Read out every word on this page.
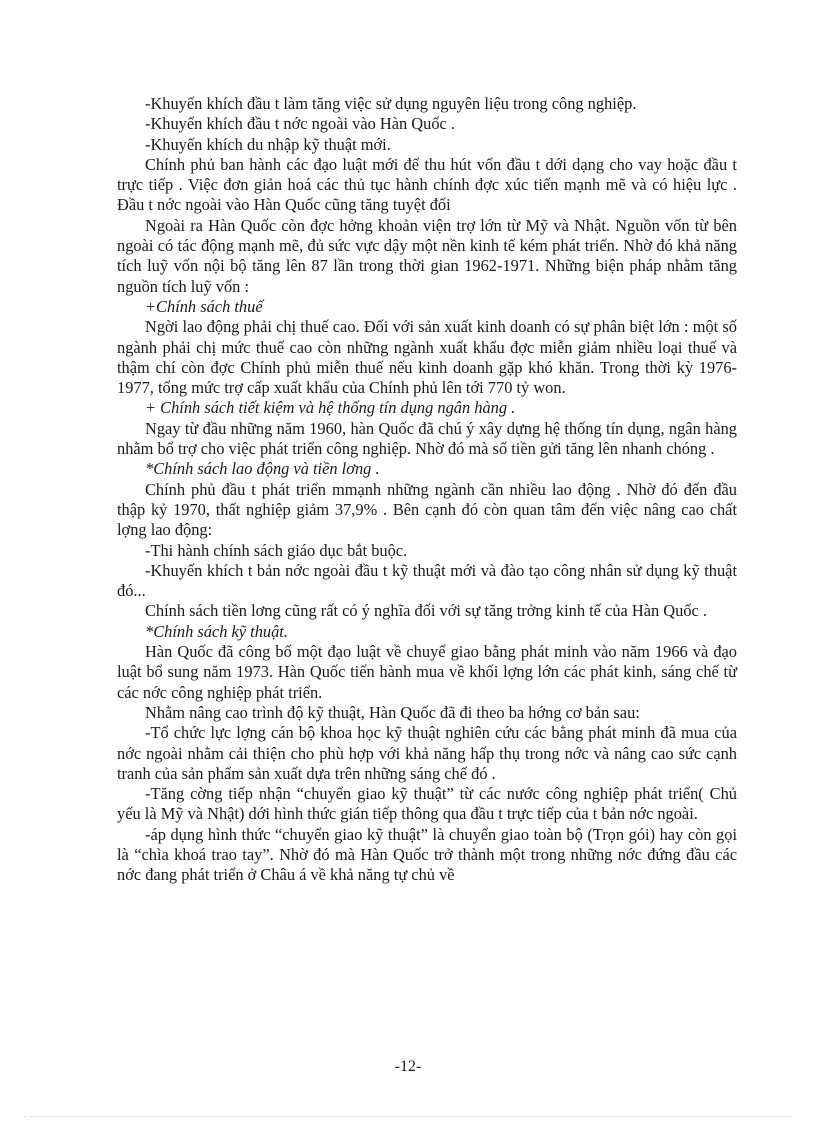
-Khuyến khích đầu t làm tăng việc sử dụng nguyên liệu trong công nghiệp.

-Khuyến khích đầu t nớc ngoài vào Hàn Quốc .

-Khuyến khích du nhập kỹ thuật mới.

Chính phủ ban hành các đạo luật mới để thu hút vốn đầu t dới dạng cho vay hoặc đầu t trực tiếp . Việc đơn giản hoá các thủ tục hành chính đợc xúc tiến mạnh mẽ và có hiệu lực . Đầu t nớc ngoài vào Hàn Quốc cũng tăng tuyệt đối

Ngoài ra Hàn Quốc còn đợc hởng khoản viện trợ lớn từ Mỹ và Nhật. Nguồn vốn từ bên ngoài có tác động mạnh mẽ, đủ sức vực dậy một nền kinh tế kém phát triển. Nhờ đó khả năng tích luỹ vốn nội bộ tăng lên 87 lần trong thời gian 1962-1971. Những biện pháp nhằm tăng nguồn tích luỹ vốn :

+Chính sách thuế

Ngời lao động phải chị thuế cao. Đối với sản xuất kinh doanh có sự phân biệt lớn : một số ngành phải chị mức thuế cao còn những ngành xuất khẩu đợc miễn giảm nhiều loại thuế và thậm chí còn đợc Chính phủ miễn thuế nếu kinh doanh gặp khó khăn. Trong thời kỳ 1976-1977, tổng mức trợ cấp xuất khẩu của Chính phủ lên tới 770 tỷ won.

+ Chính sách tiết kiệm và hệ thống tín dụng ngân hàng .

Ngay từ đầu những năm 1960, hàn Quốc đã chú ý xây dựng hệ thống tín dụng, ngân hàng nhằm bổ trợ cho việc phát triển công nghiệp. Nhờ đó mà số tiền gửi tăng lên nhanh chóng .

*Chính sách lao động và tiền lơng .

Chính phủ đầu t phát triển mmạnh những ngành cần nhiều lao động . Nhờ đó đến đầu thập kỷ 1970, thất nghiệp giảm 37,9% . Bên cạnh đó còn quan tâm đến việc nâng cao chất lợng lao động:

-Thi hành chính sách giáo dục bắt buộc.

-Khuyến khích t bản nớc ngoài đầu t kỹ thuật mới và đào tạo công nhân sử dụng kỹ thuật đó...

Chính sách tiền lơng cũng rất có ý nghĩa đối với sự tăng trởng kinh tế của Hàn Quốc .

*Chính sách kỹ thuật.

Hàn Quốc đã công bố một đạo luật về chuyể giao bằng phát minh vào năm 1966 và đạo luật bổ sung năm 1973. Hàn Quốc tiến hành mua về khối lợng lớn các phát kinh, sáng chế từ các nớc công nghiệp phát triển.

Nhằm nâng cao trình độ kỹ thuật, Hàn Quốc đã đi theo ba hớng cơ bản sau:

-Tổ chức lực lợng cán bộ khoa học kỹ thuật nghiên cứu các bằng phát minh đã mua của nớc ngoài nhằm cải thiện cho phù hợp với khả năng hấp thụ trong nớc và nâng cao sức cạnh tranh của sản phẩm sản xuất dựa trên những sáng chế đó .

-Tăng cờng tiếp nhận “chuyển giao kỹ thuật” từ các nước công nghiệp phát triển( Chủ yếu là Mỹ và Nhật) dới hình thức gián tiếp thông qua đầu t trực tiếp của t bản nớc ngoài.

-áp dụng hình thức “chuyển giao kỹ thuật” là chuyển giao toàn bộ (Trọn gói) hay còn gọi là “chìa khoá trao tay”. Nhờ đó mà Hàn Quốc trở thành một trong những nớc đứng đầu các nớc đang phát triển ở Châu á về khả năng tự chủ về

-12-
